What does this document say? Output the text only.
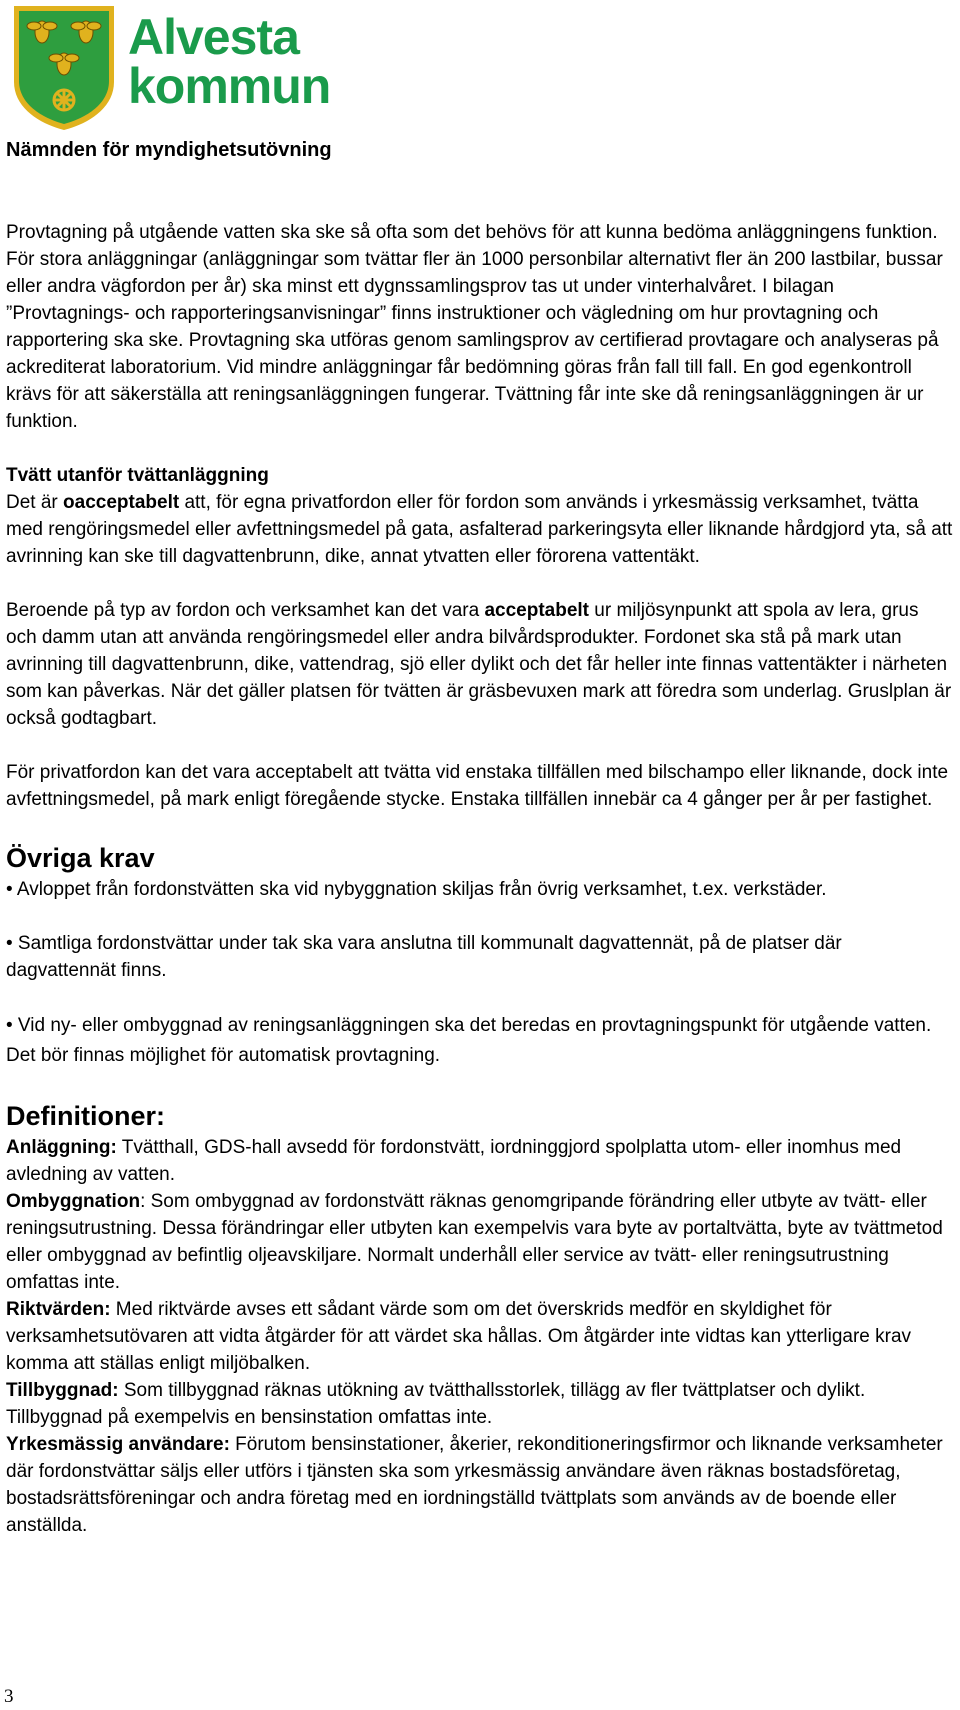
Alvesta
kommun
Nämnden för myndighetsutövning

Provtagning på utgående vatten ska ske så ofta som det behövs för att kunna bedöma anläggningens funktion. För stora anläggningar (anläggningar som tvättar fler än 1000 personbilar alternativt fler än 200 lastbilar, bussar eller andra vägfordon per år) ska minst ett dygnssamlingsprov tas ut under vinterhalvåret. I bilagan ”Provtagnings- och rapporteringsanvisningar” finns instruktioner och vägledning om hur provtagning och rapportering ska ske. Provtagning ska utföras genom samlingsprov av certifierad provtagare och analyseras på ackrediterat laboratorium. Vid mindre anläggningar får bedömning göras från fall till fall. En god egenkontroll krävs för att säkerställa att reningsanläggningen fungerar. Tvättning får inte ske då reningsanläggningen är ur funktion.

Tvätt utanför tvättanläggning

Det är oacceptabelt att, för egna privatfordon eller för fordon som används i yrkesmässig verksamhet, tvätta med rengöringsmedel eller avfettningsmedel på gata, asfalterad parkeringsyta eller liknande hårdgjord yta, så att avrinning kan ske till dagvattenbrunn, dike, annat ytvatten eller förorena vattentäkt.

Beroende på typ av fordon och verksamhet kan det vara acceptabelt ur miljösynpunkt att spola av lera, grus och damm utan att använda rengöringsmedel eller andra bilvårdsprodukter. Fordonet ska stå på mark utan avrinning till dagvattenbrunn, dike, vattendrag, sjö eller dylikt och det får heller inte finnas vattentäkter i närheten som kan påverkas. När det gäller platsen för tvätten är gräsbevuxen mark att föredra som underlag. Gruslplan är också godtagbart.

För privatfordon kan det vara acceptabelt att tvätta vid enstaka tillfällen med bilschampo eller liknande, dock inte avfettningsmedel, på mark enligt föregående stycke. Enstaka tillfällen innebär ca 4 gånger per år per fastighet.

Övriga krav

• Avloppet från fordonstvätten ska vid nybyggnation skiljas från övrig verksamhet, t.ex. verkstäder.

• Samtliga fordonstvättar under tak ska vara anslutna till kommunalt dagvattennät, på de platser där dagvattennät finns.

• Vid ny- eller ombyggnad av reningsanläggningen ska det beredas en provtagningspunkt för utgående vatten. Det bör finnas möjlighet för automatisk provtagning.

Definitioner:

Anläggning: Tvätthall, GDS-hall avsedd för fordonstvätt, iordninggjord spolplatta utom- eller inomhus med avledning av vatten.

Ombyggnation: Som ombyggnad av fordonstvätt räknas genomgripande förändring eller utbyte av tvätt- eller reningsutrustning. Dessa förändringar eller utbyten kan exempelvis vara byte av portaltvätta, byte av tvättmetod eller ombyggnad av befintlig oljeavskiljare. Normalt underhåll eller service av tvätt- eller reningsutrustning omfattas inte.

Riktvärden: Med riktvärde avses ett sådant värde som om det överskrids medför en skyldighet för verksamhetsutövaren att vidta åtgärder för att värdet ska hållas. Om åtgärder inte vidtas kan ytterligare krav komma att ställas enligt miljöbalken.

Tillbyggnad: Som tillbyggnad räknas utökning av tvätthallsstorlek, tillägg av fler tvättplatser och dylikt. Tillbyggnad på exempelvis en bensinstation omfattas inte.

Yrkesmässig användare: Förutom bensinstationer, åkerier, rekonditioneringsfirmor och liknande verksamheter där fordonstvättar säljs eller utförs i tjänsten ska som yrkesmässig användare även räknas bostadsföretag, bostadsrättsföreningar och andra företag med en iordningställd tvättplats som används av de boende eller anställda.

3
